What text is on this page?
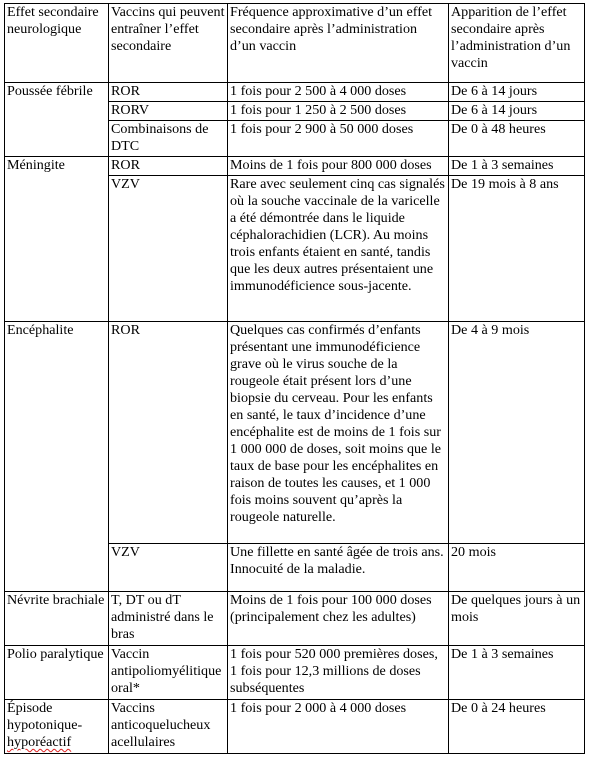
Effet secondaire neurologique	Vaccins qui peuvent entraîner l’effet secondaire	Fréquence approximative d’un effet secondaire après l’administration d’un vaccin	Apparition de l’effet secondaire après l’administration d’un vaccin
Poussée fébrile	ROR	1 fois pour 2 500 à 4 000 doses	De 6 à 14 jours
	RORV	1 fois pour 1 250 à 2 500 doses	De 6 à 14 jours
	Combinaisons de DTC	1 fois pour 2 900 à 50 000 doses	De 0 à 48 heures
Méningite	ROR	Moins de 1 fois pour 800 000 doses	De 1 à 3 semaines
	VZV	Rare avec seulement cinq cas signalés où la souche vaccinale de la varicelle a été démontrée dans le liquide céphalorachidien (LCR). Au moins trois enfants étaient en santé, tandis que les deux autres présentaient une immunodéficience sous-jacente.	De 19 mois à 8 ans
Encéphalite	ROR	Quelques cas confirmés d’enfants présentant une immunodéficience grave où le virus souche de la rougeole était présent lors d’une biopsie du cerveau. Pour les enfants en santé, le taux d’incidence d’une encéphalite est de moins de 1 fois sur 1 000 000 de doses, soit moins que le taux de base pour les encéphalites en raison de toutes les causes, et 1 000 fois moins souvent qu’après la rougeole naturelle.	De 4 à 9 mois
	VZV	Une fillette en santé âgée de trois ans. Innocuité de la maladie.	20 mois
Névrite brachiale	T, DT ou dT administré dans le bras	Moins de 1 fois pour 100 000 doses (principalement chez les adultes)	De quelques jours à un mois
Polio paralytique	Vaccin antipoliomyélitique oral*	1 fois pour 520 000 premières doses, 1 fois pour 12,3 millions de doses subséquentes	De 1 à 3 semaines
Épisode hypotonique-hyporéactif	Vaccins anticoquelucheux acellulaires	1 fois pour 2 000 à 4 000 doses	De 0 à 24 heures
